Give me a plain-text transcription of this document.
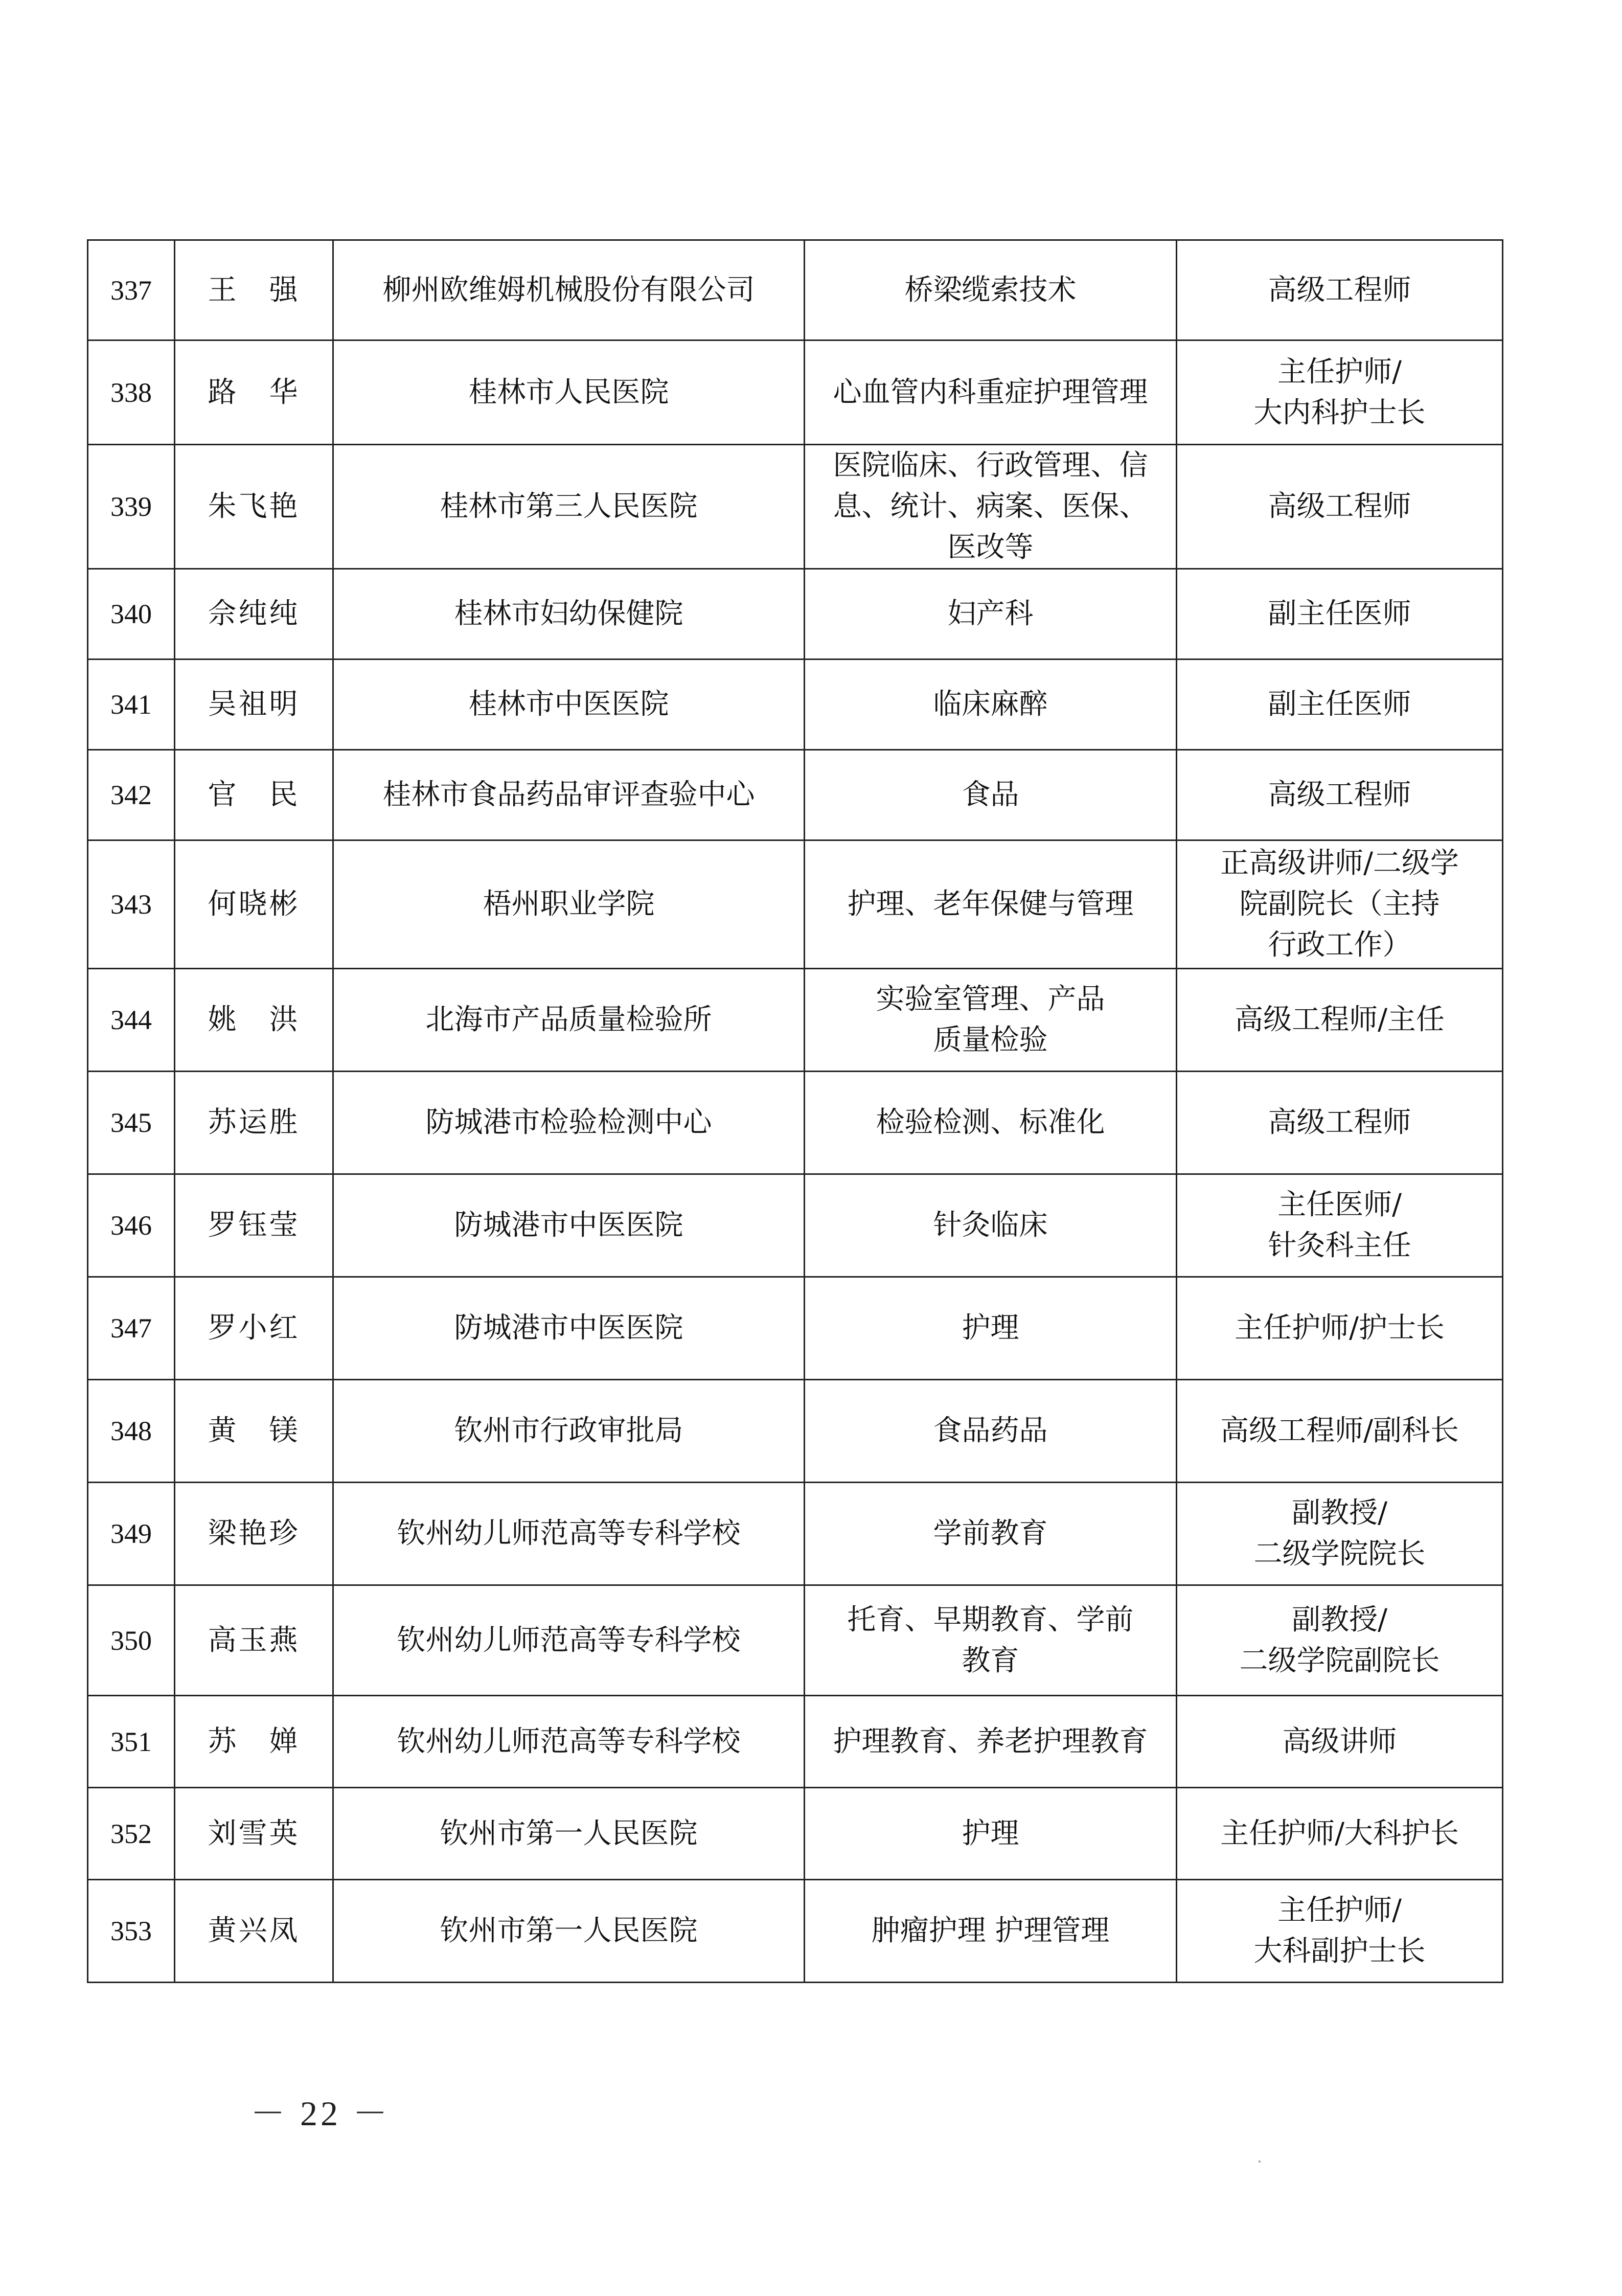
337	王　强	柳州欧维姆机械股份有限公司	桥梁缆索技术	高级工程师

338	路　华	桂林市人民医院	心血管内科重症护理管理	主任护师/
大内科护士长

339	朱飞艳	桂林市第三人民医院	医院临床、行政管理、信
息、统计、病案、医保、
医改等	高级工程师

340	佘纯纯	桂林市妇幼保健院	妇产科	副主任医师

341	吴祖明	桂林市中医医院	临床麻醉	副主任医师

342	官　民	桂林市食品药品审评查验中心	食品	高级工程师

343	何晓彬	梧州职业学院	护理、老年保健与管理	正高级讲师/二级学
院副院长（主持
行政工作）

344	姚　洪	北海市产品质量检验所	实验室管理、产品
质量检验	高级工程师/主任

345	苏运胜	防城港市检验检测中心	检验检测、标准化	高级工程师

346	罗钰莹	防城港市中医医院	针灸临床	主任医师/
针灸科主任

347	罗小红	防城港市中医医院	护理	主任护师/护士长

348	黄　镁	钦州市行政审批局	食品药品	高级工程师/副科长

349	梁艳珍	钦州幼儿师范高等专科学校	学前教育	副教授/
二级学院院长

350	高玉燕	钦州幼儿师范高等专科学校	托育、早期教育、学前
教育	副教授/
二级学院副院长

351	苏　婵	钦州幼儿师范高等专科学校	护理教育、养老护理教育	高级讲师

352	刘雪英	钦州市第一人民医院	护理	主任护师/大科护长

353	黄兴凤	钦州市第一人民医院	肿瘤护理 护理管理	主任护师/
大科副护士长
－ 22 －
